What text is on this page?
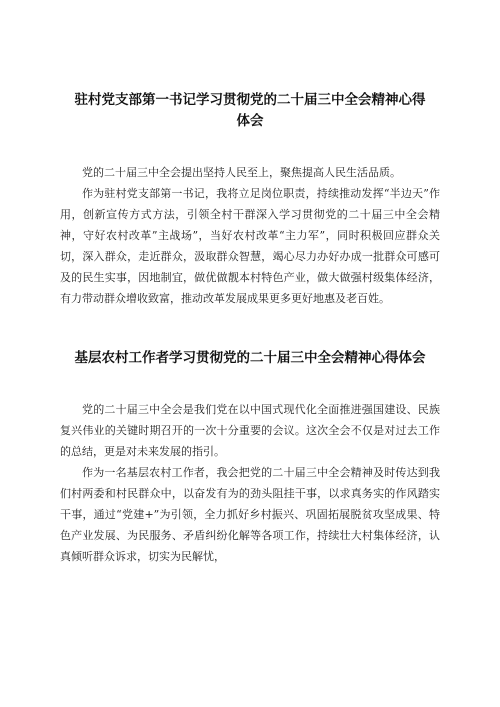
驻村党支部第一书记学习贯彻党的二十届三中全会精神心得体会

党的二十届三中全会提出坚持人民至上，聚焦提高人民生活品质。

作为驻村党支部第一书记，我将立足岗位职责，持续推动发挥“半边天”作用，创新宣传方式方法，引领全村干群深入学习贯彻党的二十届三中全会精神，守好农村改革”主战场”，当好农村改革“主力军”，同时积极回应群众关切，深入群众，走近群众，汲取群众智慧，竭心尽力办好办成一批群众可感可及的民生实事，因地制宜，做优做靓本村特色产业，做大做强村级集体经济，有力带动群众增收致富，推动改革发展成果更多更好地惠及老百姓。

基层农村工作者学习贯彻党的二十届三中全会精神心得体会

党的二十届三中全会是我们党在以中国式现代化全面推进强国建设、民族复兴伟业的关键时期召开的一次十分重要的会议。这次全会不仅是对过去工作的总结，更是对未来发展的指引。

作为一名基层农村工作者，我会把党的二十届三中全会精神及时传达到我们村两委和村民群众中，以奋发有为的劲头阻挂干事，以求真务实的作风踏实干事，通过“党建+”为引领，全力抓好乡村振兴、巩固拓展脱贫攻坚成果、特色产业发展、为民服务、矛盾纠纷化解等各项工作，持续壮大村集体经济，认真倾听群众诉求，切实为民解忧，
